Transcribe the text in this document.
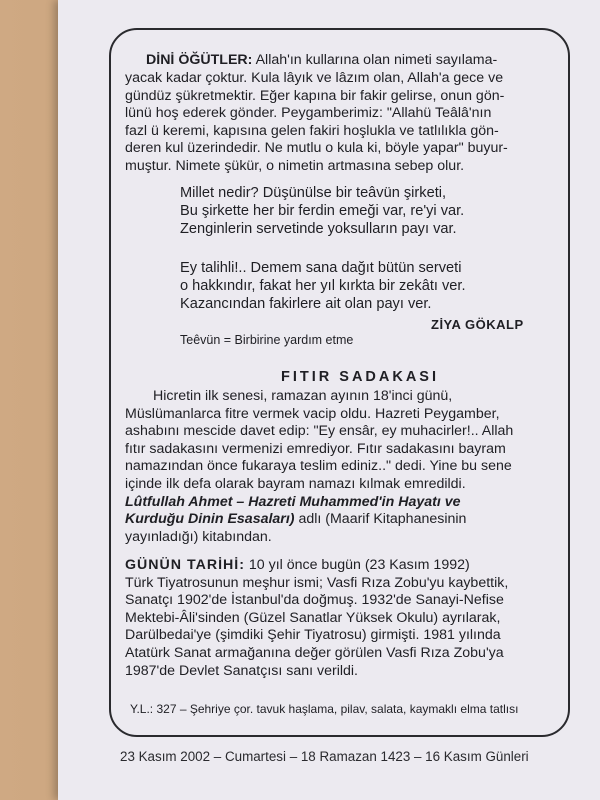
DİNİ ÖĞÜTLER: Allah'ın kullarına olan nimeti sayılama-
yacak kadar çoktur. Kula lâyık ve lâzım olan, Allah'a gece ve
gündüz şükretmektir. Eğer kapına bir fakir gelirse, onun gön-
lünü hoş ederek gönder. Peygamberimiz: "Allahü Teâlâ'nın
fazl ü keremi, kapısına gelen fakiri hoşlukla ve tatlılıkla gön-
deren kul üzerindedir. Ne mutlu o kula ki, böyle yapar" buyur-
muştur. Nimete şükür, o nimetin artmasına sebep olur.
Millet nedir? Düşünülse bir teâvün şirketi,
Bu şirkette her bir ferdin emeği var, re'yi var.
Zenginlerin servetinde yoksulların payı var.
Ey talihli!.. Demem sana dağıt bütün serveti
o hakkındır, fakat her yıl kırkta bir zekâtı ver.
Kazancından fakirlere ait olan payı ver.
ZİYA GÖKALP
Teêvün = Birbirine yardım etme
FITIR SADAKASI
Hicretin ilk senesi, ramazan ayının 18'inci günü,
Müslümanlarca fitre vermek vacip oldu. Hazreti Peygamber,
ashabını mescide davet edip: "Ey ensâr, ey muhacirler!.. Allah
fıtır sadakasını vermenizi emrediyor. Fıtır sadakasını bayram
namazından önce fukaraya teslim ediniz.." dedi. Yine bu sene
içinde ilk defa olarak bayram namazı kılmak emredildi.
Lûtfullah Ahmet – Hazreti Muhammed'in Hayatı ve
Kurduğu Dinin Esasaları) adlı (Maarif Kitaphanesinin
yayınladığı) kitabından.
GÜNÜN TARİHİ: 10 yıl önce bugün (23 Kasım 1992)
Türk Tiyatrosunun meşhur ismi; Vasfi Rıza Zobu'yu kaybettik,
Sanatçı 1902'de İstanbul'da doğmuş. 1932'de Sanayi-Nefise
Mektebi-Âli'sinden (Güzel Sanatlar Yüksek Okulu) ayrılarak,
Darülbedai'ye (şimdiki Şehir Tiyatrosu) girmişti. 1981 yılında
Atatürk Sanat armağanına değer görülen Vasfi Rıza Zobu'ya
1987'de Devlet Sanatçısı sanı verildi.
Y.L.: 327 – Şehriye çor. tavuk haşlama, pilav, salata, kaymaklı elma tatlısı
23 Kasım 2002 – Cumartesi – 18 Ramazan 1423 – 16 Kasım Günleri
